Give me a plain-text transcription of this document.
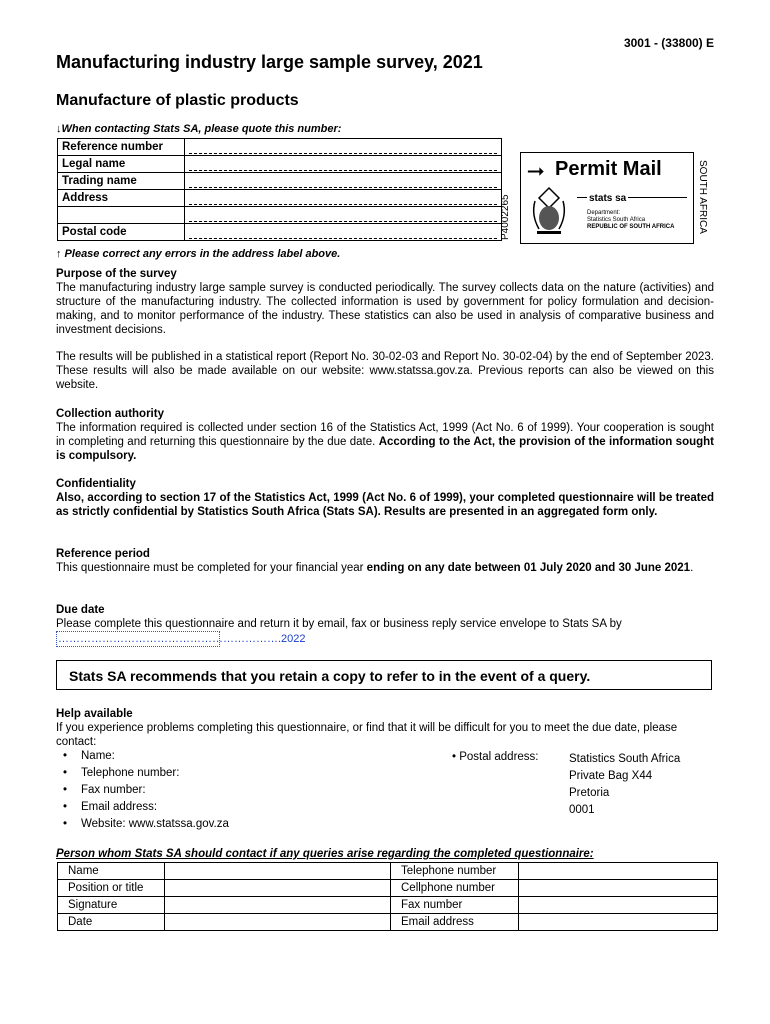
3001 - (33800) E
Manufacturing industry large sample survey, 2021
Manufacture of plastic products
↓When contacting Stats SA, please quote this number:
Reference number	

Legal name	

Trading name	

Address	

Postal code		P4002265
⭢ Permit Mail
stats sa
Department:
Statistics South Africa
REPUBLIC OF SOUTH AFRICA SOUTH AFRICA
↑ Please correct any errors in the address label above.
Purpose of the survey
The manufacturing industry large sample survey is conducted periodically. The survey collects data on the nature (activities) and structure of the manufacturing industry. The collected information is used by government for policy formulation and decision-making, and to monitor performance of the industry. These statistics can also be used in analysis of comparative business and investment decisions.
The results will be published in a statistical report (Report No. 30-02-03 and Report No. 30-02-04) by the end of September 2023. These results will also be made available on our website: www.statssa.gov.za. Previous reports can also be viewed on this website.
Collection authority
The information required is collected under section 16 of the Statistics Act, 1999 (Act No. 6 of 1999). Your cooperation is sought in completing and returning this questionnaire by the due date. According to the Act, the provision of the information sought is compulsory.
Confidentiality
Also, according to section 17 of the Statistics Act, 1999 (Act No. 6 of 1999), your completed questionnaire will be treated as strictly confidential by Statistics South Africa (Stats SA). Results are presented in an aggregated form only.
Reference period
This questionnaire must be completed for your financial year ending on any date between 01 July 2020 and 30 June 2021.
Due date
Please complete this questionnaire and return it by email, fax or business reply service envelope to Stats SA by
…………………………………………………….2022
Stats SA recommends that you retain a copy to refer to in the event of a query.
Help available
If you experience problems completing this questionnaire, or find that it will be difficult for you to meet the due date, please contact:
• Name:
• Telephone number:
• Fax number:
• Email address:
• Website: www.statssa.gov.za
• Postal address:	Statistics South Africa
Private Bag X44
Pretoria
0001
Person whom Stats SA should contact if any queries arise regarding the completed questionnaire:
Name		Telephone number	
Position or title		Cellphone number	
Signature		Fax number	
Date		Email address	
